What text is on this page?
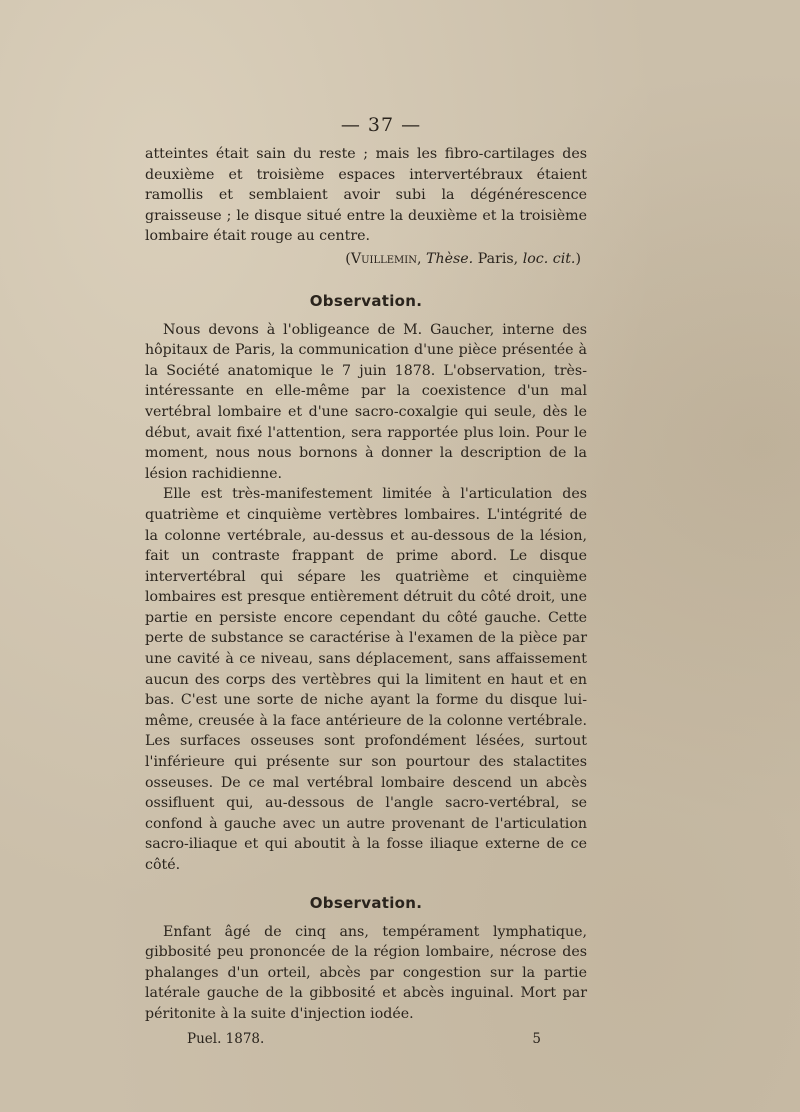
— 37 —

atteintes était sain du reste ; mais les fibro-cartilages des deuxième et troisième espaces intervertébraux étaient ramollis et semblaient avoir subi la dégénérescence graisseuse ; le disque situé entre la deuxième et la troisième lombaire était rouge au centre.

(Vuillemin, Thèse. Paris, loc. cit.)
Observation.

Nous devons à l'obligeance de M. Gaucher, interne des hôpitaux de Paris, la communication d'une pièce présentée à la Société anatomique le 7 juin 1878. L'observation, très-intéressante en elle-même par la coexistence d'un mal vertébral lombaire et d'une sacro-coxalgie qui seule, dès le début, avait fixé l'attention, sera rapportée plus loin. Pour le moment, nous nous bornons à donner la description de la lésion rachidienne.

Elle est très-manifestement limitée à l'articulation des quatrième et cinquième vertèbres lombaires. L'intégrité de la colonne vertébrale, au-dessus et au-dessous de la lésion, fait un contraste frappant de prime abord. Le disque intervertébral qui sépare les quatrième et cinquième lombaires est presque entièrement détruit du côté droit, une partie en persiste encore cependant du côté gauche. Cette perte de substance se caractérise à l'examen de la pièce par une cavité à ce niveau, sans déplacement, sans affaissement aucun des corps des vertèbres qui la limitent en haut et en bas. C'est une sorte de niche ayant la forme du disque lui-même, creusée à la face antérieure de la colonne vertébrale. Les surfaces osseuses sont profondément lésées, surtout l'inférieure qui présente sur son pourtour des stalactites osseuses. De ce mal vertébral lombaire descend un abcès ossifluent qui, au-dessous de l'angle sacro-vertébral, se confond à gauche avec un autre provenant de l'articulation sacro-iliaque et qui aboutit à la fosse iliaque externe de ce côté.

Observation.

Enfant âgé de cinq ans, tempérament lymphatique, gibbosité peu prononcée de la région lombaire, nécrose des phalanges d'un orteil, abcès par congestion sur la partie latérale gauche de la gibbosité et abcès inguinal. Mort par péritonite à la suite d'injection iodée.

Puel. 1878.	5
